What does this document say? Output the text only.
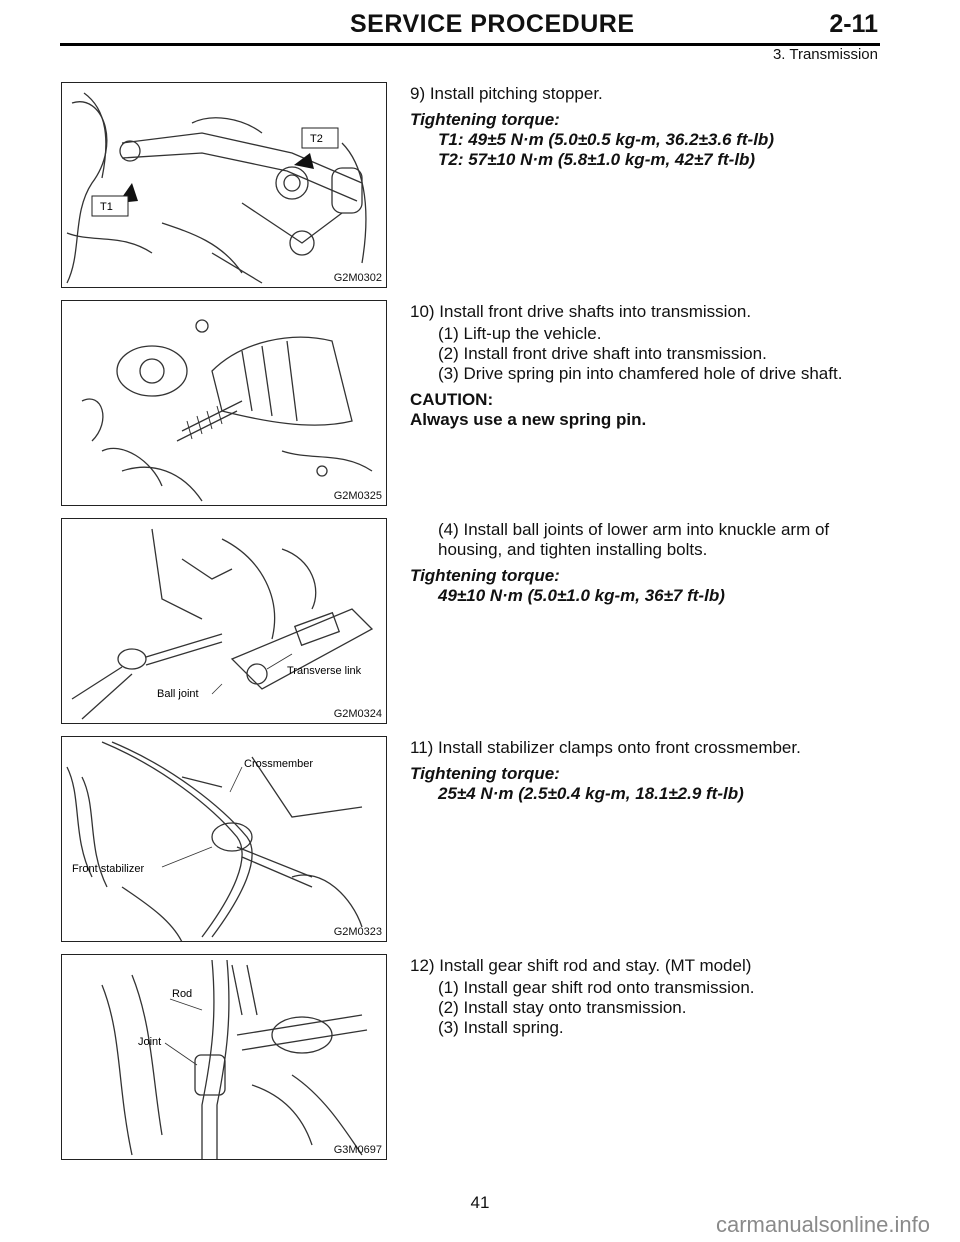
SERVICE PROCEDURE	2-11
3. Transmission
T1
T2
G2M0302

9) Install pitching stopper.

Tightening torque:

T1: 49±5 N·m (5.0±0.5 kg-m, 36.2±3.6 ft-lb)

T2: 57±10 N·m (5.8±1.0 kg-m, 42±7 ft-lb)

G2M0325

10) Install front drive shafts into transmission.

(1) Lift-up the vehicle.

(2) Install front drive shaft into transmission.

(3) Drive spring pin into chamfered hole of drive shaft.

CAUTION:

Always use a new spring pin.

Transverse link
Ball joint
G2M0324

(4) Install ball joints of lower arm into knuckle arm of

housing, and tighten installing bolts.

Tightening torque:

49±10 N·m (5.0±1.0 kg-m, 36±7 ft-lb)

Crossmember
Front stabilizer
G2M0323

11) Install stabilizer clamps onto front crossmember.

Tightening torque:

25±4 N·m (2.5±0.4 kg-m, 18.1±2.9 ft-lb)

Rod
Joint
G3M0697

12) Install gear shift rod and stay. (MT model)

(1) Install gear shift rod onto transmission.

(2) Install stay onto transmission.

(3) Install spring.

41
carmanualsonline.info
